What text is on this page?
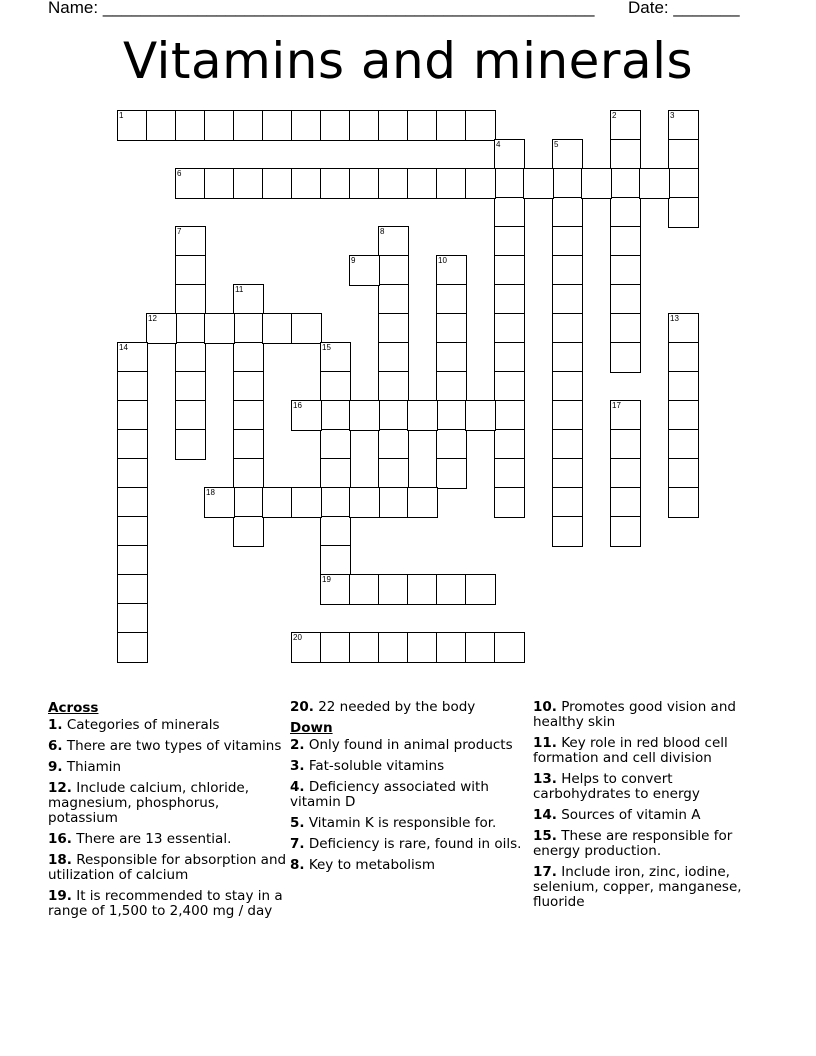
Name: ____________________________________________________ Date: _______
Vitamins and minerals
1	2	3
4	5
6
7	8
9	10
11
12	13
14	15
19
16	17
18
20
Across
1. Categories of minerals
6. There are two types of vitamins
9. Thiamin
12. Include calcium, chloride, magnesium, phosphorus, potassium
16. There are 13 essential.
18. Responsible for absorption and utilization of calcium
19. It is recommended to stay in a range of 1,500 to 2,400 mg / day
20. 22 needed by the body
Down
2. Only found in animal products
3. Fat-soluble vitamins
4. Deficiency associated with vitamin D
5. Vitamin K is responsible for.
7. Deficiency is rare, found in oils.
8. Key to metabolism
10. Promotes good vision and healthy skin
11. Key role in red blood cell formation and cell division
13. Helps to convert carbohydrates to energy
14. Sources of vitamin A
15. These are responsible for energy production.
17. Include iron, zinc, iodine, selenium, copper, manganese, fluoride
